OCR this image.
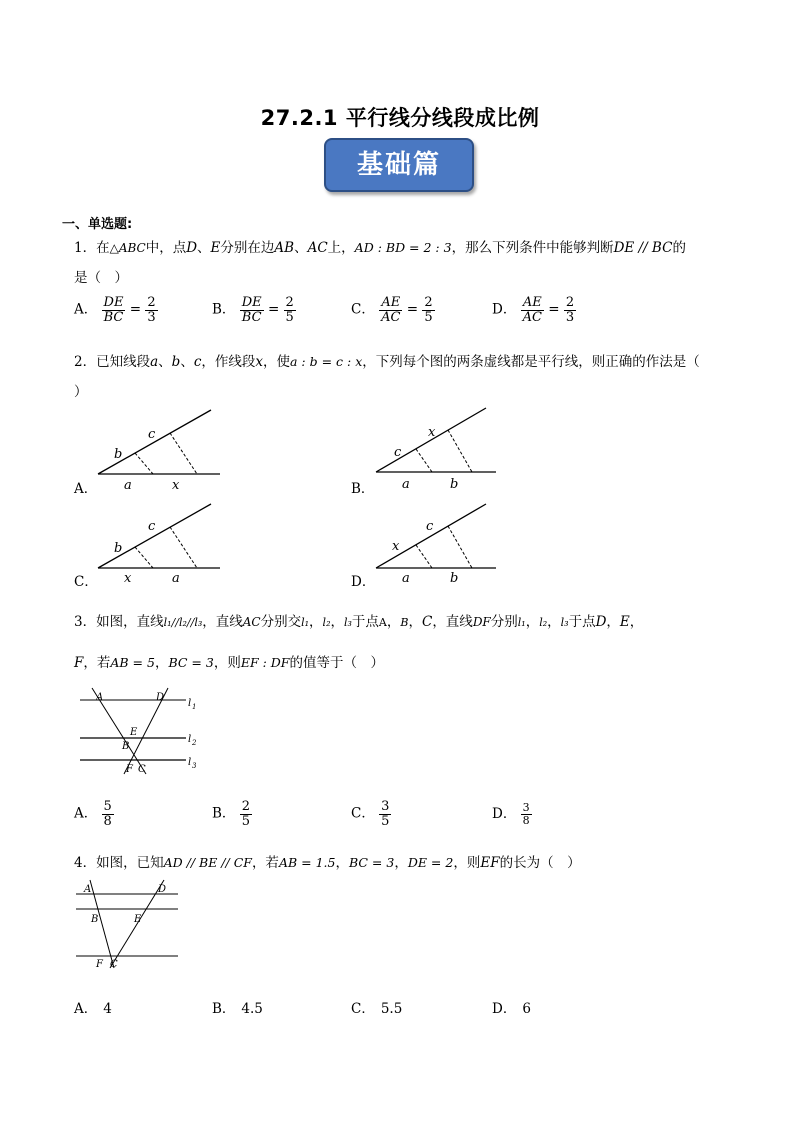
27.2.1 平行线分线段成比例
基础篇
一、单选题:
1．在△ABC中，点D、E分别在边AB、AC上，AD : BD = 2 : 3，那么下列条件中能够判断DE // BC的
是（　）
A． $\frac{DE}{BC} = \frac{2}{3}$	B． $\frac{DE}{BC} = \frac{2}{5}$	C． $\frac{AE}{AC} = \frac{2}{5}$	D． $\frac{AE}{AC} = \frac{2}{3}$
2．已知线段a、b、c，作线段x，使a : b = c : x，下列每个图的两条虚线都是平行线，则正确的作法是（
）
A．
b
c
a	x	B．
c
x
a	b
C．
b
c
x	a	D．
x
c
a	b
3．如图，直线l₁//l₂//l₃，直线AC分别交l₁，l₂，l₃于点A，B，C，直线DF分别l₁，l₂，l₃于点D，E，
F，若AB = 5，BC = 3，则EF : DF的值等于（　）
A	D
E
B
F C
l 1
l 2
l 3
A． $\frac{5}{8}$	B． $\frac{2}{5}$	C． $\frac{3}{5}$	D． $\frac{3}{8}$
4．如图，已知AD // BE // CF，若AB = 1.5，BC = 3，DE = 2，则EF的长为（　）
A	D
B	E
F C
A． 4	B． 4.5	C． 5.5	D． 6
